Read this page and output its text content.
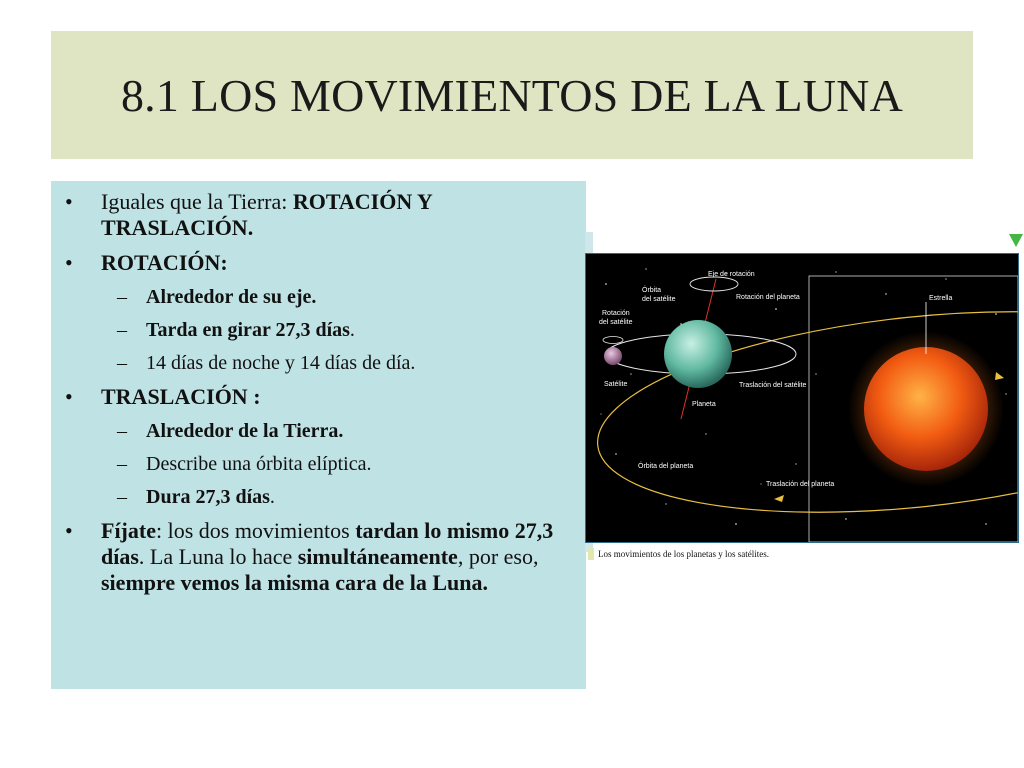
8.1 LOS MOVIMIENTOS DE LA LUNA
• Iguales que la Tierra: ROTACIÓN Y TRASLACIÓN.
• ROTACIÓN:
– Alrededor de su eje.
– Tarda en girar 27,3 días.
– 14 días de noche y 14 días de día.
• TRASLACIÓN :
– Alrededor de la Tierra.
– Describe una órbita elíptica.
– Dura 27,3 días.
• Fíjate: los dos movimientos tardan lo mismo 27,3 días. La Luna lo hace simultáneamente, por eso, siempre vemos la misma cara de la Luna.
Eje de rotación
Órbita
del satélite	Rotación del planeta	Estrella
Rotación
del satélite
Satélite	Traslación del satélite
Planeta
Órbita del planeta
Traslación del planeta
Los movimientos de los planetas y los satélites.
